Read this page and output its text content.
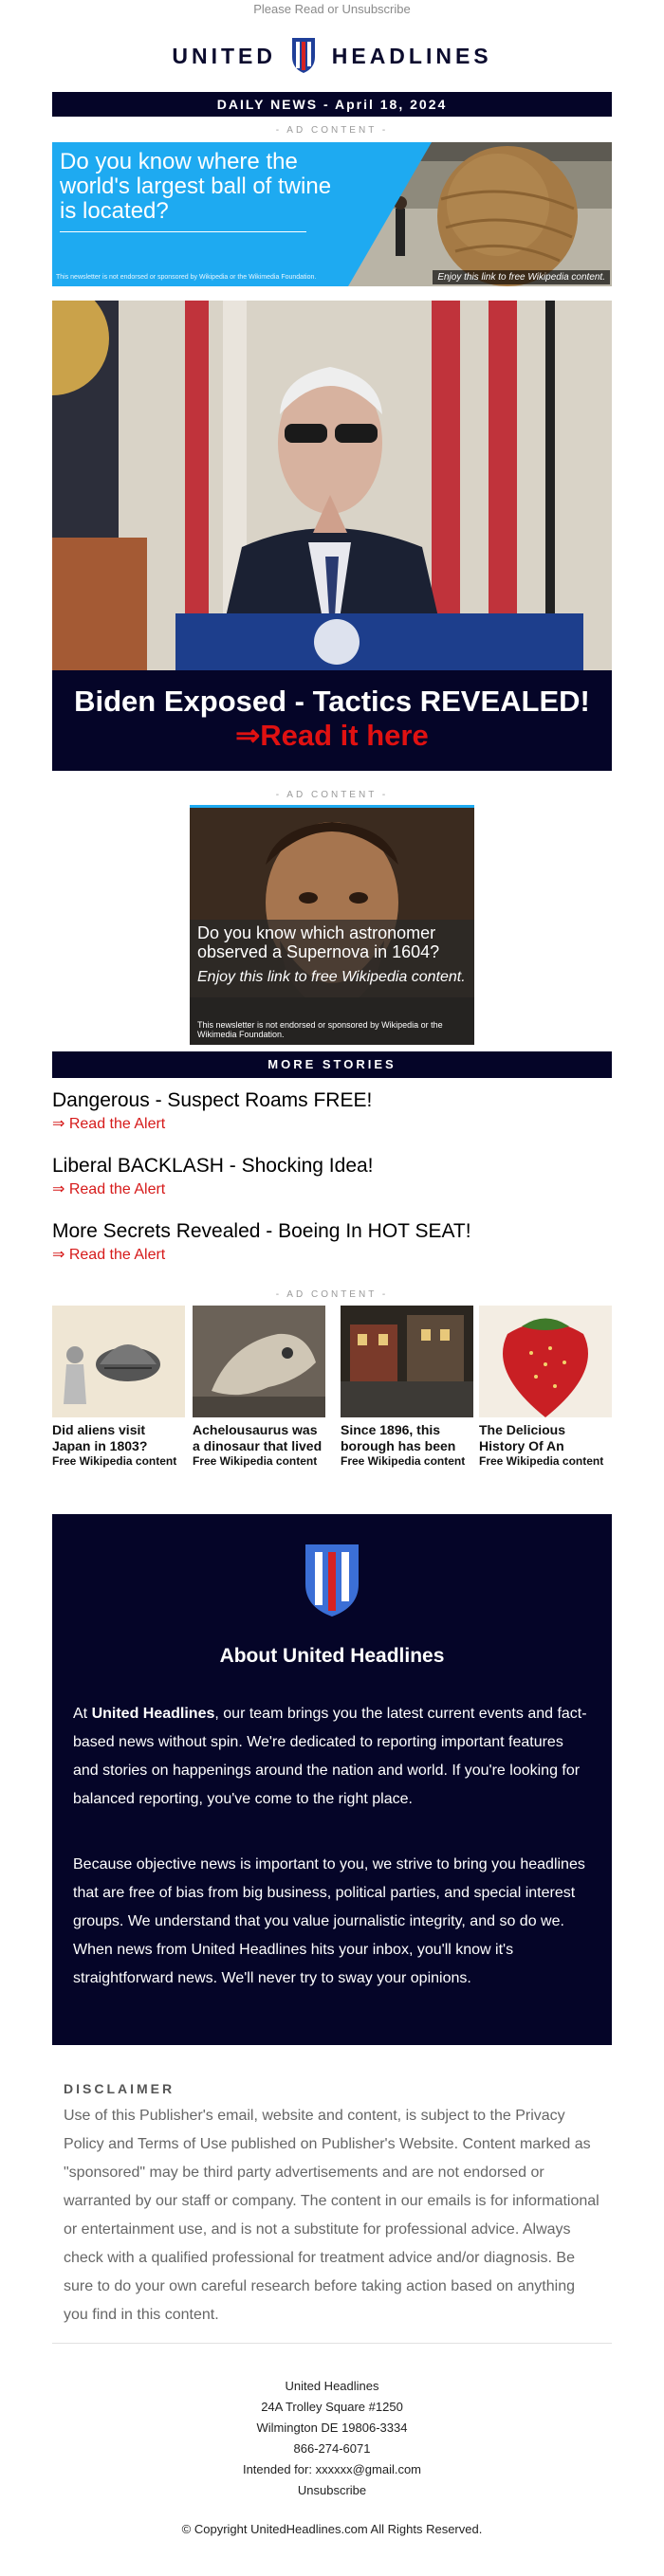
Please Read or Unsubscribe
UNITED	HEADLINES
DAILY NEWS - April 18, 2024
- AD CONTENT -
Do you know where the world's largest ball of twine is located?
This newsletter is not endorsed or sponsored by Wikipedia or the Wikimedia Foundation.	Enjoy this link to free Wikipedia content.
Biden Exposed - Tactics REVEALED!
⇒Read it here
- AD CONTENT -
Do you know which astronomer observed a Supernova in 1604?
Enjoy this link to free Wikipedia content.
This newsletter is not endorsed or sponsored by Wikipedia or the Wikimedia Foundation.
MORE STORIES
Dangerous - Suspect Roams FREE!
⇒ Read the Alert
Liberal BACKLASH - Shocking Idea!
⇒ Read the Alert
More Secrets Revealed - Boeing In HOT SEAT!
⇒ Read the Alert
- AD CONTENT -
Did aliens visit Japan in 1803?
Free Wikipedia content
Achelousaurus was a dinosaur that lived
Free Wikipedia content
Since 1896, this borough has been
Free Wikipedia content
The Delicious History Of An
Free Wikipedia content
About United Headlines

At United Headlines, our team brings you the latest current events and fact-based news without spin. We're dedicated to reporting important features and stories on happenings around the nation and world. If you're looking for balanced reporting, you've come to the right place.

Because objective news is important to you, we strive to bring you headlines that are free of bias from big business, political parties, and special interest groups. We understand that you value journalistic integrity, and so do we. When news from United Headlines hits your inbox, you'll know it's straightforward news. We'll never try to sway your opinions.

DISCLAIMER

Use of this Publisher's email, website and content, is subject to the Privacy Policy and Terms of Use published on Publisher's Website. Content marked as "sponsored" may be third party advertisements and are not endorsed or warranted by our staff or company. The content in our emails is for informational or entertainment use, and is not a substitute for professional advice. Always check with a qualified professional for treatment advice and/or diagnosis. Be sure to do your own careful research before taking action based on anything you find in this content.

United Headlines
24A Trolley Square #1250
Wilmington DE 19806-3334
866-274-6071
Intended for: xxxxxx@gmail.com
Unsubscribe
© Copyright UnitedHeadlines.com All Rights Reserved.
